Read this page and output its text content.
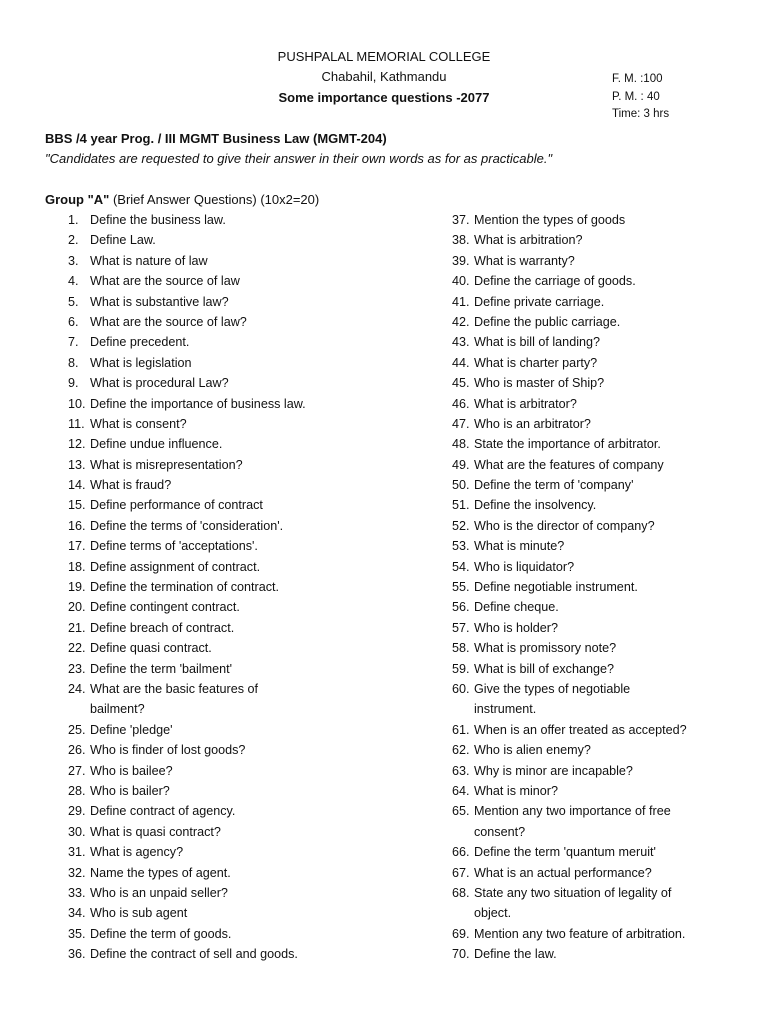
PUSHPALAL MEMORIAL COLLEGE
Chabahil, Kathmandu
Some importance questions -2077
F. M. :100
P. M. : 40
Time: 3 hrs
BBS /4 year Prog. / III MGMT Business Law (MGMT-204)
"Candidates are requested to give their answer in their own words as for as practicable."
Group "A" (Brief Answer Questions) (10x2=20)
1. Define the business law.
2. Define Law.
3. What is nature of law
4. What are the source of law
5. What is substantive law?
6. What are the source of law?
7. Define precedent.
8. What is legislation
9.What is procedural Law?
10. Define the importance of business law.
11. What is consent?
12. Define undue influence.
13. What is misrepresentation?
14. What is fraud?
15. Define performance of contract
16. Define the terms of 'consideration'.
17. Define terms of 'acceptations'.
18.Define assignment of contract.
19. Define the termination of contract.
20. Define contingent contract.
21. Define breach of contract.
22. Define quasi contract.
23.Define the term 'bailment'
24. What are the basic features of
bailment?
25. Define 'pledge'
26. Who is finder of lost goods?
27. Who is bailee?
28. Who is bailer?
29. Define contract of agency.
30. What is quasi contract?
31. What is agency?
32. Name the types of agent.
33. Who is an unpaid seller?
34. Who is sub agent
35. Define the term of goods.
36. Define the contract of sell and goods.
37. Mention the types of goods
38. What is arbitration?
39. What is warranty?
40. Define the carriage of goods.
41. Define private carriage.
42. Define the public carriage.
43. What is bill of landing?
44. What is charter party?
45. Who is master of Ship?
46. What is arbitrator?
47. Who is an arbitrator?
48. State the importance of arbitrator.
49. What are the features of company
50. Define the term of 'company'
51. Define the insolvency.
52. Who is the director of company?
53. What is minute?
54. Who is liquidator?
55. Define negotiable instrument.
56. Define cheque.
57. Who is holder?
58. What is promissory note?
59. What is bill of exchange?
60. Give the types of negotiable
instrument.
61. When is an offer treated as accepted?
62. Who is alien enemy?
63. Why is minor are incapable?
64. What is minor?
65. Mention any two importance of free
consent?
66. Define the term 'quantum meruit'
67. What is an actual performance?
68. State any two situation of legality of
object.
69. Mention any two feature of arbitration.
70. Define the law.
